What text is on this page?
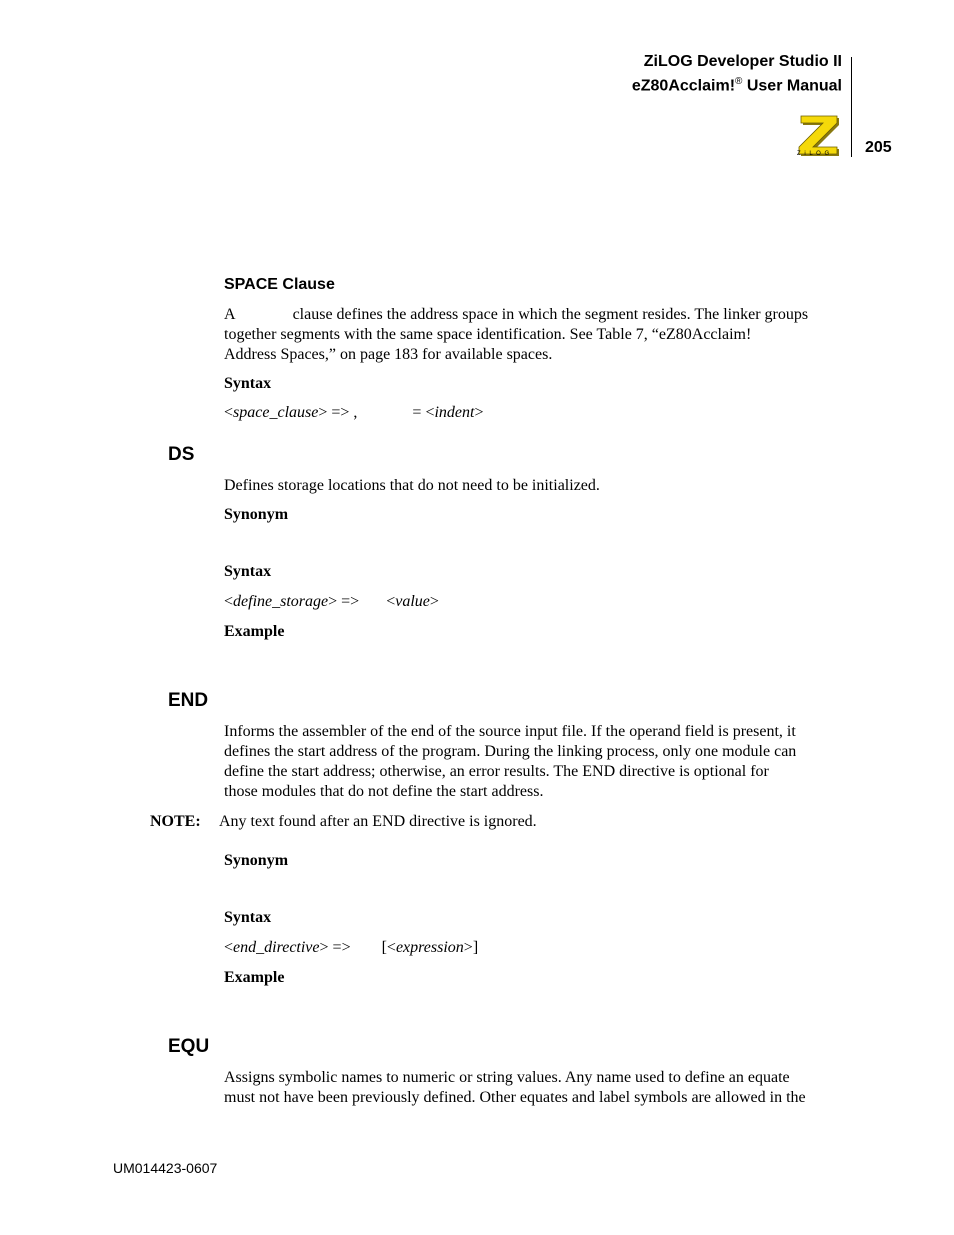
ZiLOG Developer Studio II
eZ80Acclaim!® User Manual
205
Z i L O G
SPACE Clause
A	clause defines the address space in which the segment resides. The linker groups
together segments with the same space identification. See Table 7, “eZ80Acclaim!
Address Spaces,” on page 183 for available spaces.
Syntax
<space_clause> => ,	= <indent>
DS
Defines storage locations that do not need to be initialized.
Synonym
Syntax
<define_storage> => <value>
Example
END
Informs the assembler of the end of the source input file. If the operand field is present, it
defines the start address of the program. During the linking process, only one module can
define the start address; otherwise, an error results. The END directive is optional for
those modules that do not define the start address.
NOTE: Any text found after an END directive is ignored.
Synonym
Syntax
<end_directive> => [<expression>]
Example
EQU
Assigns symbolic names to numeric or string values. Any name used to define an equate
must not have been previously defined. Other equates and label symbols are allowed in the
UM014423-0607
